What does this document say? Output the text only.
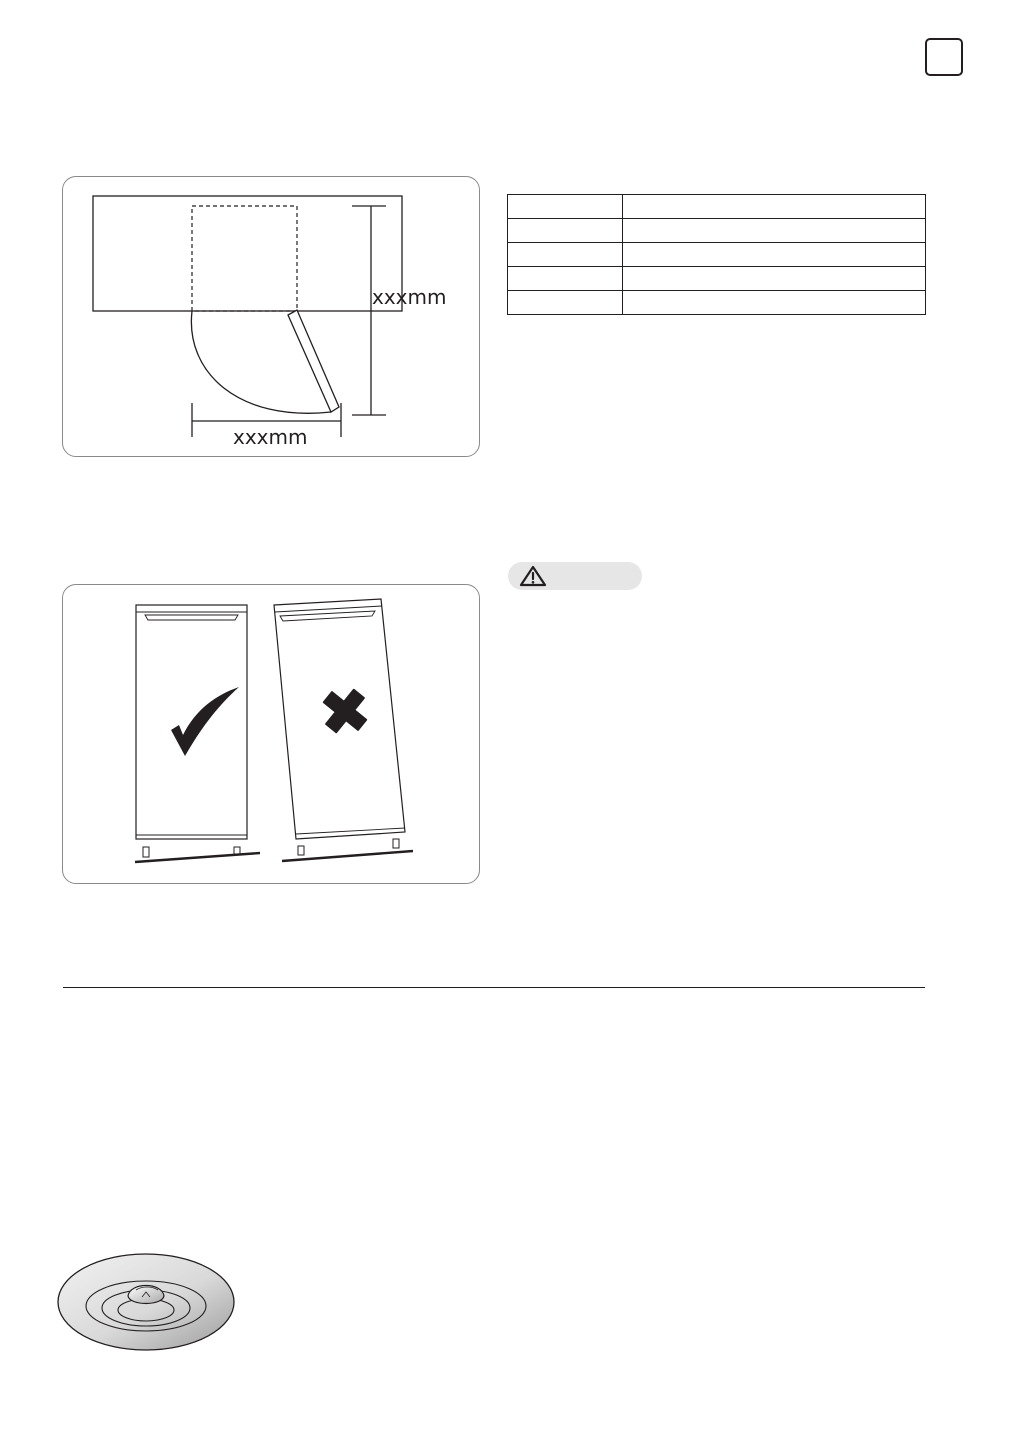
xxxmm
xxxmm
